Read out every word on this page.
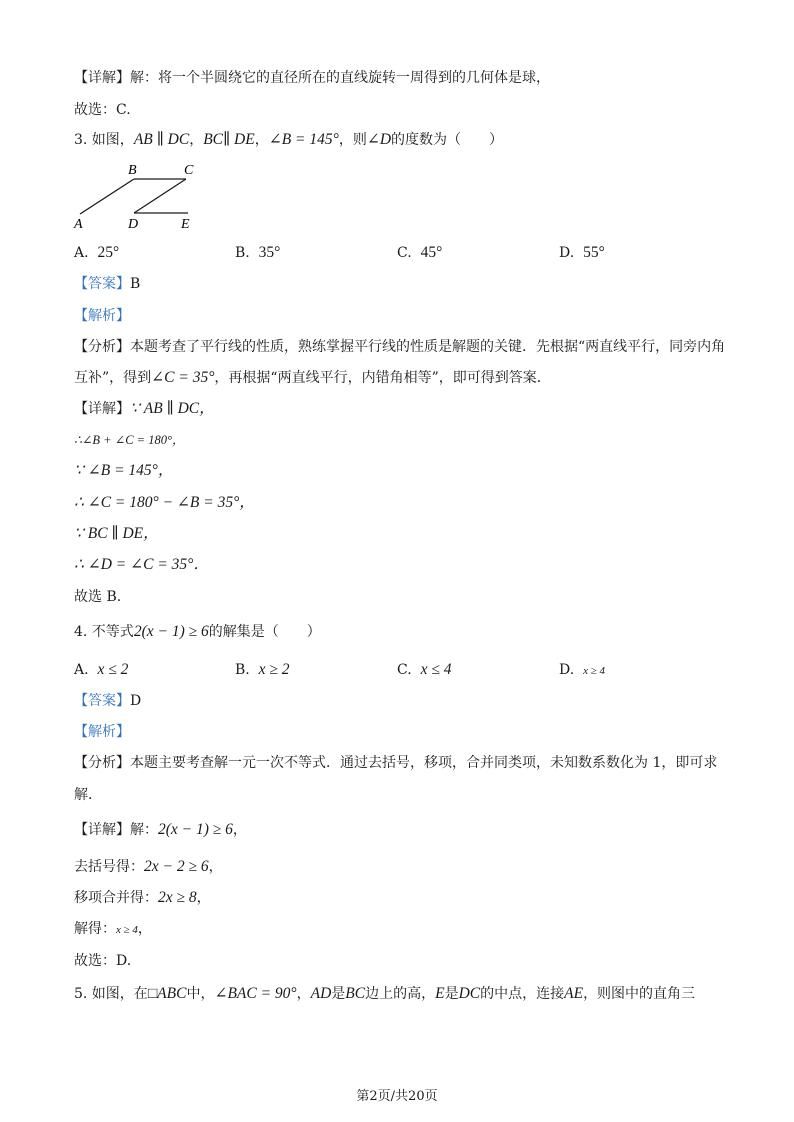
【详解】解：将一个半圆绕它的直径所在的直线旋转一周得到的几何体是球，
故选：C.
3. 如图，AB ∥ DC，BC∥ DE，∠B = 145°，则∠D的度数为（　　）
B	C
A	D	E
A. 25°	B. 35°	C. 45°	D. 55°
【答案】B
【解析】
【分析】本题考查了平行线的性质，熟练掌握平行线的性质是解题的关键．先根据“两直线平行，同旁内角
互补”，得到∠C = 35°，再根据“两直线平行，内错角相等”，即可得到答案．
【详解】∵ AB ∥ DC，
∴∠B + ∠C = 180°，
∵ ∠B = 145°，
∴ ∠C = 180° − ∠B = 35°，
∵ BC ∥ DE，
∴ ∠D = ∠C = 35°．
故选 B.
4. 不等式2(x − 1) ≥ 6的解集是（　　）
A. x ≤ 2	B. x ≥ 2	C. x ≤ 4	D. x ≥ 4
【答案】D
【解析】
【分析】本题主要考查解一元一次不等式．通过去括号，移项，合并同类项，未知数系数化为 1，即可求
解．
【详解】解：2(x − 1) ≥ 6，
去括号得：2x − 2 ≥ 6，
移项合并得：2x ≥ 8，
解得：x ≥ 4，
故选：D.
5. 如图，在□ABC中，∠BAC = 90°，AD是BC边上的高，E是DC的中点，连接AE，则图中的直角三
第2页/共20页
